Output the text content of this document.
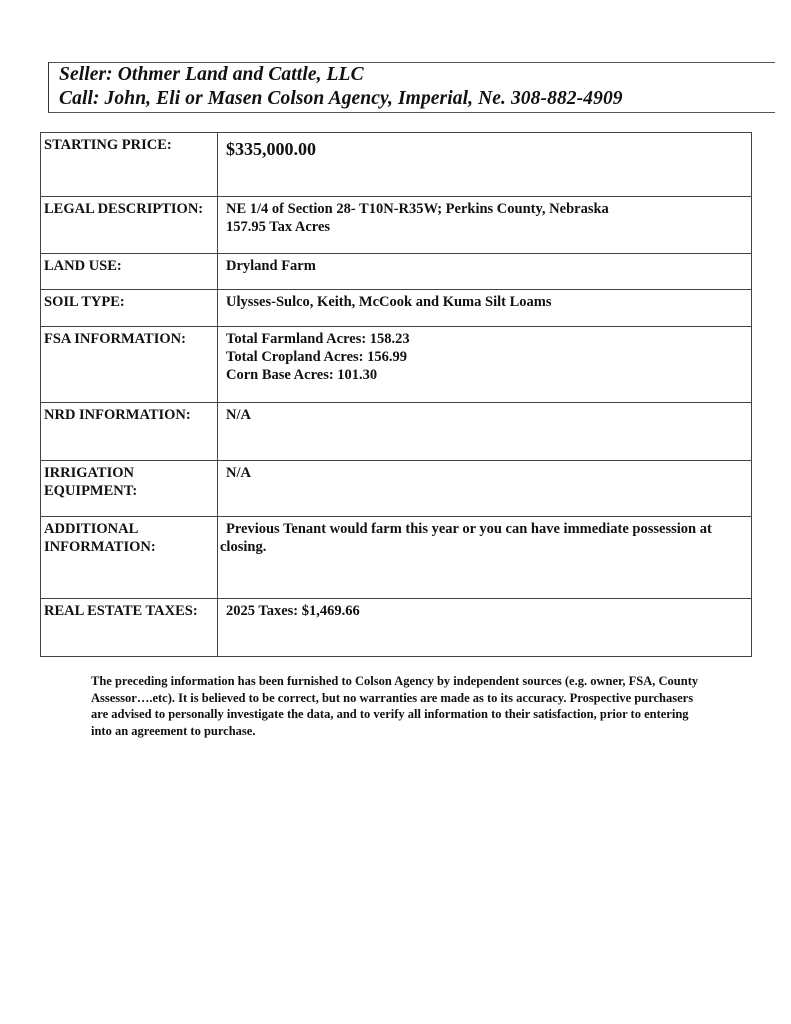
Seller: Othmer Land and Cattle, LLC
Call: John, Eli or Masen Colson Agency, Imperial, Ne. 308-882-4909
STARTING PRICE:	$335,000.00

LEGAL DESCRIPTION:	NE 1/4 of Section 28- T10N-R35W; Perkins County, Nebraska
157.95 Tax Acres

LAND USE:	Dryland Farm
SOIL TYPE:	Ulysses-Sulco, Keith, McCook and Kuma Silt Loams
FSA INFORMATION:	Total Farmland Acres: 158.23
Total Cropland Acres: 156.99
Corn Base Acres: 101.30

NRD INFORMATION:	N/A

IRRIGATION
EQUIPMENT:	N/A

ADDITIONAL
INFORMATION:	Previous Tenant would farm this year or you can have immediate possession at closing.

REAL ESTATE TAXES:	2025 Taxes: $1,469.66
The preceding information has been furnished to Colson Agency by independent sources (e.g. owner, FSA, County Assessor….etc). It is believed to be correct, but no warranties are made as to its accuracy. Prospective purchasers are advised to personally investigate the data, and to verify all information to their satisfaction, prior to entering into an agreement to purchase.
